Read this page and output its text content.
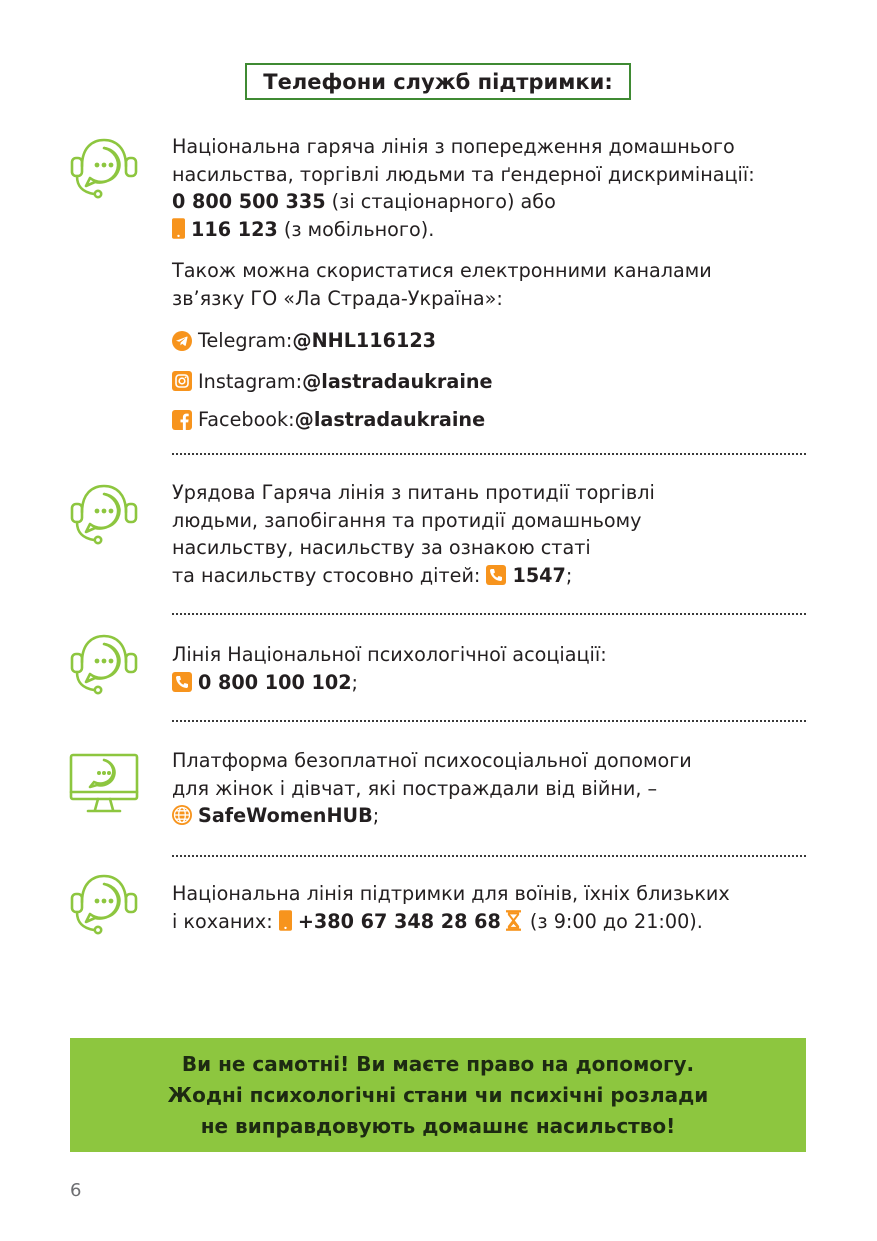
Телефони служб підтримки:

Національна гаряча лінія з попередження домашнього

насильства, торгівлі людьми та ґендерної дискримінації:

0 800 500 335 (зі стаціонарного) або

116 123 (з мобільного).

Також можна скористатися електронними каналами

зв’язку ГО «Ла Страда-Україна»:

Telegram: @NHL116123

Instagram: @lastradaukraine

Facebook: @lastradaukraine

Урядова Гаряча лінія з питань протидії торгівлі

людьми, запобігання та протидії домашньому

насильству, насильству за ознакою статі

та насильству стосовно дітей:
1547;

Лінія Національної психологічної асоціації:

0 800 100 102;

Платформа безоплатної психосоціальної допомоги

для жінок і дівчат, які постраждали від війни, –

SafeWomenHUB;

Національна лінія підтримки для воїнів, їхніх близьких

і коханих:
+380 67 348 28 68
(з 9:00 до 21:00).

Ви не самотні! Ви маєте право на допомогу.
Жодні психологічні стани чи психічні розлади
не виправдовують домашнє насильство!
6
